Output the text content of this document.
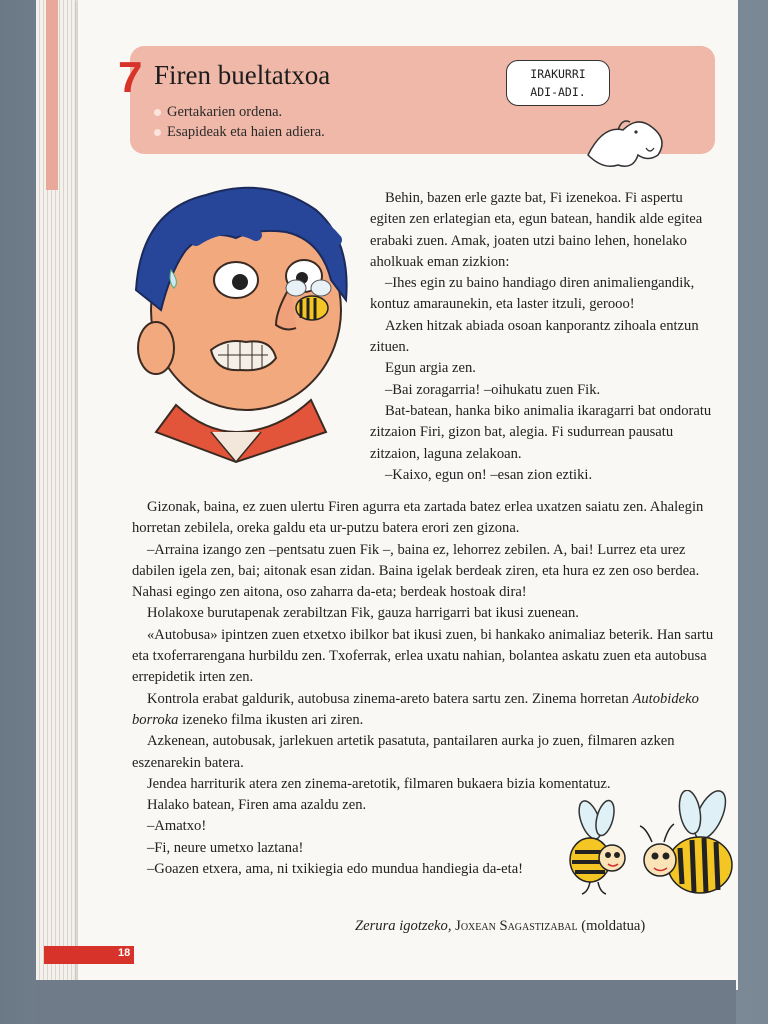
7 Firen bueltatxoa
Gertakarien ordena.
Esapideak eta haien adiera.
IRAKURRI
ADI-ADI.

Behin, bazen erle gazte bat, Fi izenekoa. Fi aspertu egiten zen erlategian eta, egun batean, handik alde egitea erabaki zuen. Amak, joaten utzi baino lehen, honelako aholkuak eman zizkion:

–Ihes egin zu baino handiago diren animaliengandik, kontuz amaraunekin, eta laster itzuli, gerooo!

Azken hitzak abiada osoan kanporantz zihoala entzun zituen.

Egun argia zen.

–Bai zoragarria! –oihukatu zuen Fik.

Bat-batean, hanka biko animalia ikaragarri bat ondoratu zitzaion Firi, gizon bat, alegia. Fi sudurrean pausatu zitzaion, laguna zelakoan.

–Kaixo, egun on! –esan zion eztiki.

Gizonak, baina, ez zuen ulertu Firen agurra eta zartada batez erlea uxatzen saiatu zen. Ahalegin horretan zebilela, oreka galdu eta ur-putzu batera erori zen gizona.

–Arraina izango zen –pentsatu zuen Fik –, baina ez, lehorrez zebilen. A, bai! Lurrez eta urez dabilen igela zen, bai; aitonak esan zidan. Baina igelak berdeak ziren, eta hura ez zen oso berdea. Nahasi egingo zen aitona, oso zaharra da-eta; berdeak hostoak dira!

Holakoxe burutapenak zerabiltzan Fik, gauza harrigarri bat ikusi zuenean.

«Autobusa» ipintzen zuen etxetxo ibilkor bat ikusi zuen, bi hankako animaliaz beterik. Han sartu eta txoferrarengana hurbildu zen. Txoferrak, erlea uxatu nahian, bolantea askatu zuen eta autobusa errepidetik irten zen.

Kontrola erabat galdurik, autobusa zinema-areto batera sartu zen. Zinema horretan Autobideko borroka izeneko filma ikusten ari ziren.

Azkenean, autobusak, jarlekuen artetik pasatuta, pantailaren aurka jo zuen, filmaren azken eszenarekin batera.

Jendea harriturik atera zen zinema-aretotik, filmaren bukaera bizia komentatuz.

Halako batean, Firen ama azaldu zen.

–Amatxo!

–Fi, neure umetxo laztana!

–Goazen etxera, ama, ni txikiegia edo mundua handiegia da-eta!

Zerura igotzeko, Joxean Sagastizabal (moldatua)
18
